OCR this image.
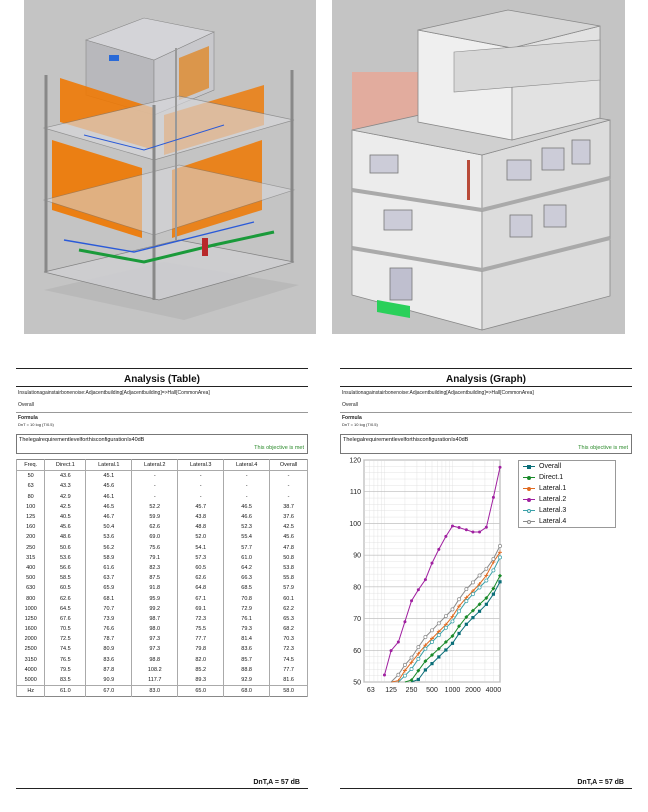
Analysis (Table)
Insulationagainstairbonenoise:Adjacentbuilding[Adjacentbuilding]=>Hall[CommonArea]
Overall
Formula
DnT = 10 log (T/0.5)
ThelegalrequirementlevelforthisconfigurationIs40dB
This objective is met
Freq.	Direct.1	Lateral.1	Lateral.2	Lateral.3	Lateral.4	Overall
50	43.6	45.1	-	-	-	-
63	43.3	45.6	-	-	-	-
80	42.9	46.1	-	-	-	-
100	42.5	46.5	52.2	45.7	46.5	38.7
125	40.5	46.7	59.9	43.8	46.6	37.6
160	45.6	50.4	62.6	48.8	52.3	42.5
200	48.6	53.6	69.0	52.0	55.4	45.6
250	50.6	56.2	75.6	54.1	57.7	47.8
315	53.6	58.9	79.1	57.3	61.0	50.8
400	56.6	61.6	82.3	60.5	64.2	53.8
500	58.5	63.7	87.5	62.6	66.3	55.8
630	60.5	65.9	91.8	64.8	68.5	57.9
800	62.6	68.1	95.9	67.1	70.8	60.1
1000	64.5	70.7	99.2	69.1	72.9	62.2
1250	67.6	73.9	98.7	72.3	76.1	65.3
1600	70.5	76.6	98.0	75.5	79.3	68.2
2000	72.5	78.7	97.3	77.7	81.4	70.3
2500	74.5	80.9	97.3	79.8	83.6	72.3
3150	76.5	83.6	98.8	82.0	85.7	74.5
4000	79.5	87.8	108.2	85.2	88.8	77.7
5000	83.5	90.9	117.7	89.3	92.9	81.6
Hz	61.0	67.0	83.0	65.0	68.0	58.0
DnT,A = 57 dB
Analysis (Graph)
Insulationagainstairbonenoise:Adjacentbuilding[Adjacentbuilding]=>Hall[CommonArea]
Overall
Formula
DnT = 10 log (T/0.5)
ThelegalrequirementlevelforthisconfigurationIs40dB
This objective is met
50
60
70
80
90
100
110
120
63 125 250 500 1000 2000 4000
Overall
Direct.1
Lateral.1
Lateral.2
Lateral.3
Lateral.4
DnT,A = 57 dB
